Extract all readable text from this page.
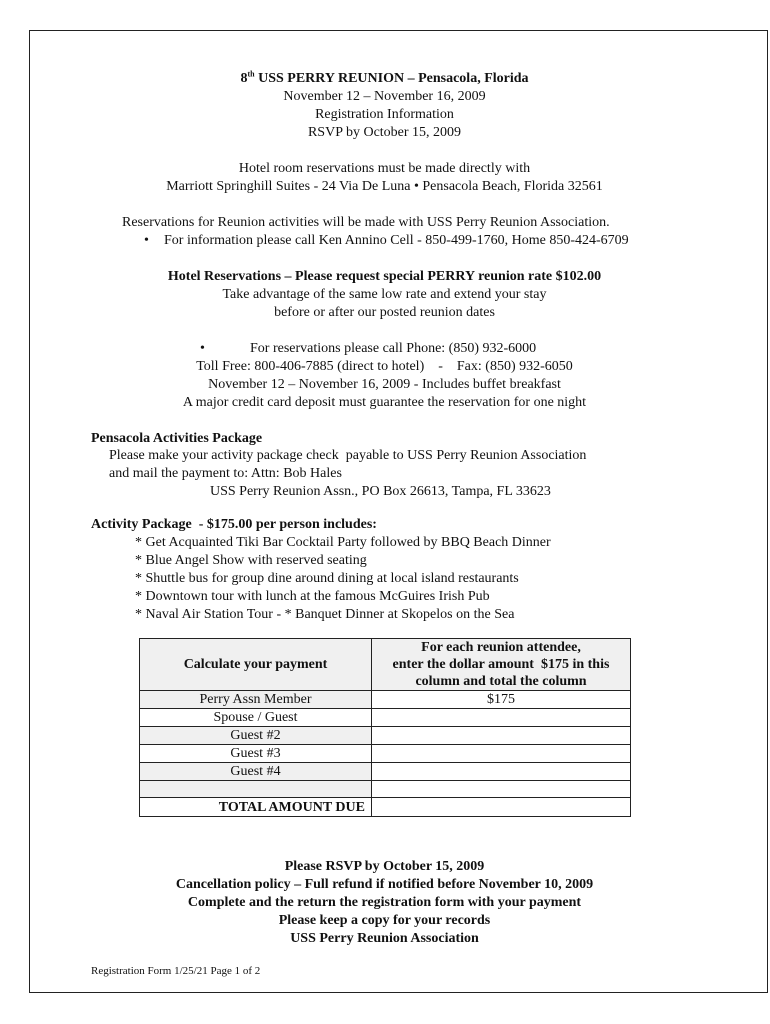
8th USS PERRY REUNION – Pensacola, Florida
November 12 – November 16, 2009
Registration Information
RSVP by October 15, 2009
Hotel room reservations must be made directly with
Marriott Springhill Suites - 24 Via De Luna • Pensacola Beach, Florida 32561
Reservations for Reunion activities will be made with USS Perry Reunion Association.
• For information please call Ken Annino Cell - 850-499-1760, Home 850-424-6709
Hotel Reservations – Please request special PERRY reunion rate $102.00
Take advantage of the same low rate and extend your stay
before or after our posted reunion dates
•	For reservations please call Phone: (850) 932-6000
Toll Free: 800-406-7885 (direct to hotel)    -    Fax: (850) 932-6050
November 12 – November 16, 2009 - Includes buffet breakfast
A major credit card deposit must guarantee the reservation for one night
Pensacola Activities Package
Please make your activity package check  payable to USS Perry Reunion Association
and mail the payment to: Attn: Bob Hales
USS Perry Reunion Assn., PO Box 26613, Tampa, FL 33623
Activity Package  - $175.00 per person includes:
* Get Acquainted Tiki Bar Cocktail Party followed by BBQ Beach Dinner
* Blue Angel Show with reserved seating
* Shuttle bus for group dine around dining at local island restaurants
* Downtown tour with lunch at the famous McGuires Irish Pub
* Naval Air Station Tour - * Banquet Dinner at Skopelos on the Sea
Calculate your payment	For each reunion attendee,
enter the dollar amount  $175 in this
column and total the column

Perry Assn Member	$175
Spouse / Guest	
Guest #2	
Guest #3	
Guest #4	

TOTAL AMOUNT DUE	
Please RSVP by October 15, 2009
Cancellation policy – Full refund if notified before November 10, 2009
Complete and the return the registration form with your payment
Please keep a copy for your records
USS Perry Reunion Association
Registration Form 1/25/21 Page 1 of 2
